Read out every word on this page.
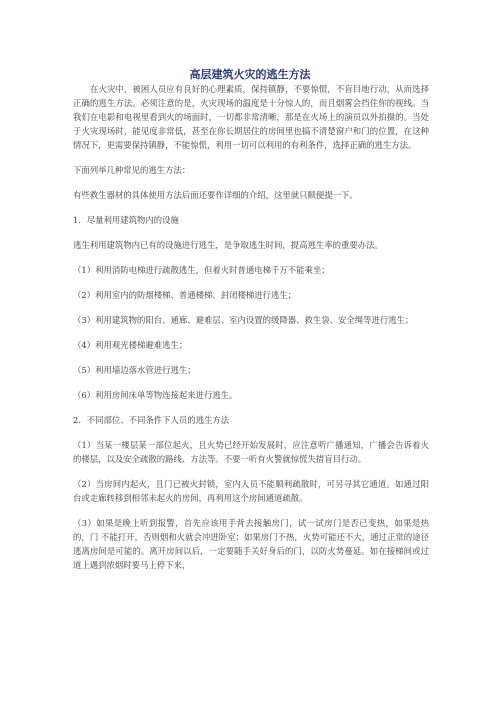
高层建筑火灾的逃生方法

在火灾中，被困人员应有良好的心理素质，保持镇静，不要惊慌，不盲目地行动，从而选择正确的逃生方法。必须注意的是，火灾现场的温度是十分惊人的，而且烟雾会挡住你的视线。当我们在电影和电视里看到火的场面时，一切都非常清晰，那是在火场上的演员以外拍摄的。当处于火灾现场时，能见度非常低，甚至在你长期居住的房间里也搞不清楚窗户和门的位置，在这种情况下，更需要保持镇静，不能惊慌，利用一切可以利用的有利条件，选择正确的逃生方法。

下面列举几种常见的逃生方法：

有些救生器材的具体使用方法后面还要作详细的介绍，这里就只顺便提一下。

1．尽量利用建筑物内的设施

逃生利用建筑物内已有的设施进行逃生，是争取逃生时间，提高逃生率的重要办法。

（1）利用消防电梯进行疏散逃生，但着火时普通电梯千万不能乘坐；

（2）利用室内的防烟楼梯、普通楼梯、封闭楼梯进行逃生；

（3）利用建筑物的阳台、通廊、避难层、室内设置的缓降器、救生袋、安全绳等进行逃生；

（4）利用观光楼梯避难逃生；

（5）利用墙边落水管进行逃生；

（6）利用房间床单等物连接起来进行逃生。

2．不同部位、不同条件下人员的逃生方法

（1）当某一楼层某一部位起火，且火势已经开始发展时，应注意听广播通知，广播会告诉着火的楼层，以及安全疏散的路线、方法等。不要一听有火警就惊慌失措盲目行动。

（2）当房间内起火，且门已被火封锁，室内人员不能顺利疏散时，可另寻其它通道。如通过阳台或走廊转移到相邻未起火的房间，再利用这个房间通道疏散。

（3）如果是晚上听到报警，首先应该用手背去接触房门，试一试房门是否已变热，如果是热的，门 不能打开，否则烟和火就会冲进卧室；如果房门不热，火势可能还不大，通过正常的途径逃离房间是可能的。离开房间以后，一定要随手关好身后的门，以防火势蔓延。如在接梯间或过道上遇到浓烟时要马上停下来，
